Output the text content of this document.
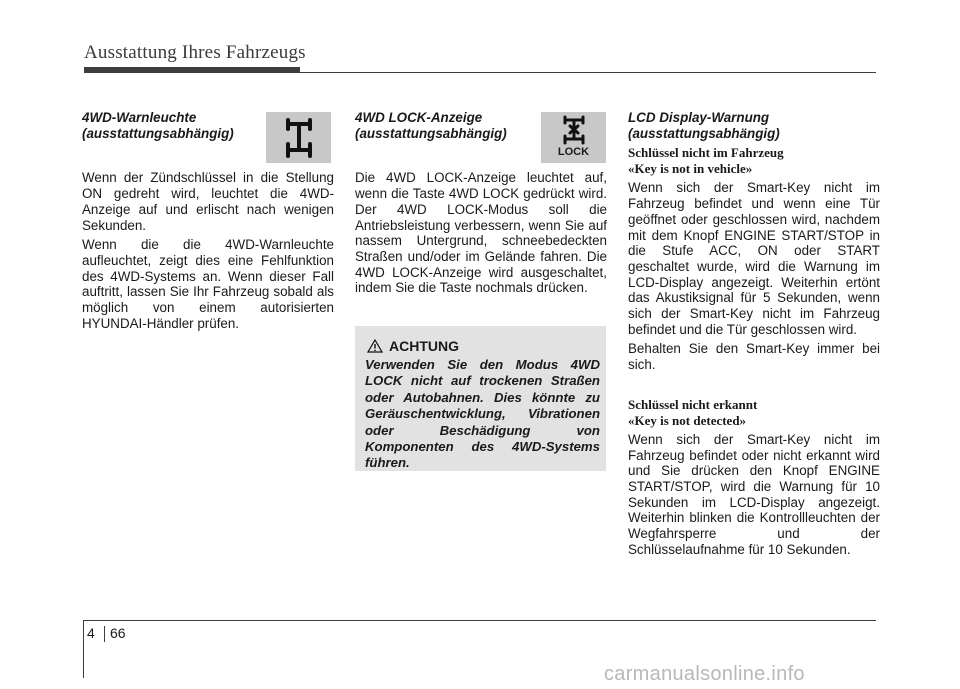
Ausstattung Ihres Fahrzeugs
LOCK
4WD-Warnleuchte
(ausstattungsabhängig)

Wenn der Zündschlüssel in die Stellung ON gedreht wird, leuchtet die 4WD-Anzeige auf und erlischt nach wenigen Sekunden.

Wenn die die 4WD-Warnleuchte aufleuchtet, zeigt dies eine Fehlfunktion des 4WD-Systems an. Wenn dieser Fall auftritt, lassen Sie Ihr Fahrzeug sobald als möglich von einem autorisierten HYUNDAI-Händler prüfen.

4WD LOCK-Anzeige
(ausstattungsabhängig)

Die 4WD LOCK-Anzeige leuchtet auf, wenn die Taste 4WD LOCK gedrückt wird. Der 4WD LOCK-Modus soll die Antriebsleistung verbessern, wenn Sie auf nassem Untergrund, schneebedeckten Straßen und/oder im Gelände fahren. Die 4WD LOCK-Anzeige wird ausgeschaltet, indem Sie die Taste nochmals drücken.

ACHTUNG
Verwenden Sie den Modus 4WD LOCK nicht auf trockenen Straßen oder Autobahnen. Dies könnte zu Geräuschentwicklung, Vibrationen oder Beschädigung von Komponenten des 4WD-Systems führen.
LCD Display-Warnung
(ausstattungsabhängig)
Schlüssel nicht im Fahrzeug
«Key is not in vehicle»

Wenn sich der Smart-Key nicht im Fahrzeug befindet und wenn eine Tür geöffnet oder geschlossen wird, nachdem mit dem Knopf ENGINE START/STOP in die Stufe ACC, ON oder START geschaltet wurde, wird die Warnung im LCD-Display angezeigt. Weiterhin ertönt das Akustiksignal für 5 Sekunden, wenn sich der Smart-Key nicht im Fahrzeug befindet und die Tür geschlossen wird.

Behalten Sie den Smart-Key immer bei sich.

Schlüssel nicht erkannt
«Key is not detected»

Wenn sich der Smart-Key nicht im Fahrzeug befindet oder nicht erkannt wird und Sie drücken den Knopf ENGINE START/STOP, wird die Warnung für 10 Sekunden im LCD-Display angezeigt. Weiterhin blinken die Kontrollleuchten der Wegfahrsperre und der Schlüsselaufnahme für 10 Sekunden.

4 66
carmanualsonline.info
